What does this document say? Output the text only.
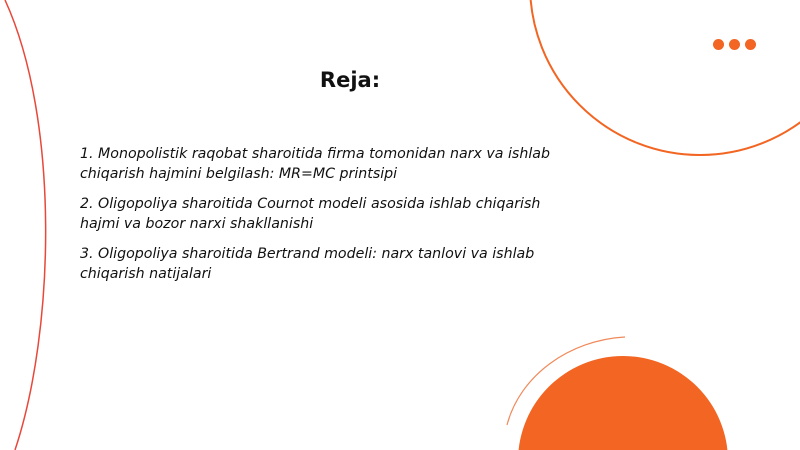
Reja:
1. Monopolistik raqobat sharoitida firma tomonidan narx va ishlab chiqarish hajmini belgilash: MR=MC printsipi
2. Oligopoliya sharoitida Cournot modeli asosida ishlab chiqarish hajmi va bozor narxi shakllanishi
3. Oligopoliya sharoitida Bertrand modeli: narx tanlovi va ishlab chiqarish natijalari
